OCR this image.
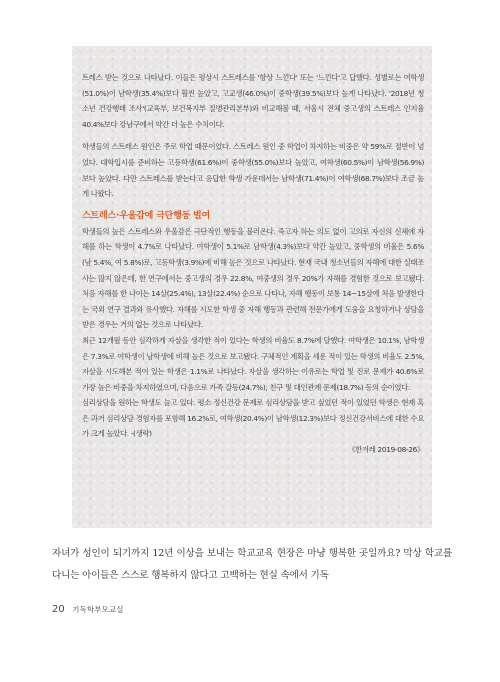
트레스 받는 것으로 나타났다. 이들은 평상시 스트레스를 '항상 느낀다' 또는 '느낀다'고 답했다. 성별로는 여학생(51.0%)이 남학생(35.4%)보다 훨씬 높았고, 고교생(46.0%)이 중학생(39.5%)보다 높게 나타났다. '2018년 청소년 건강행태 조사'(교육부, 보건복지부 질병관리본부)와 비교해볼 때, 서울시 전체 중고생의 스트레스 인지율 40.4%보다 강남구에서 약간 더 높은 수치이다.

학생들의 스트레스 원인은 주로 학업 때문이었다. 스트레스 원인 중 학업이 차지하는 비중은 약 59%로 절반이 넘었다. 대학입시를 준비하는 고등학생(61.6%)이 중학생(55.0%)보다 높았고, 여학생(60.5%)이 남학생(56.9%)보다 높았다. 다만 스트레스를 받는다고 응답한 학생 가운데서는 남학생(71.4%)이 여학생(68.7%)보다 조금 높게 나왔다.

스트레스·우울감에 극단행동 벌여

학생들의 높은 스트레스와 우울감은 극단적인 행동을 불러온다. 죽고자 하는 의도 없이 고의로 자신의 신체에 자해를 하는 학생이 4.7%로 나타났다. 여학생이 5.1%로 남학생(4.3%)보다 약간 높았고, 중학생의 비율은 5.6%(남 5.4%, 여 5.8%)로, 고등학생(3.9%)에 비해 높은 것으로 나타났다. 현재 국내 청소년들의 자해에 대한 실태조사는 많지 않은데, 한 연구에서는 중고생의 경우 22.8%, 여중생의 경우 20%가 자해를 경험한 것으로 보고됐다. 처음 자해를 한 나이는 14살(25.4%), 13살(22.4%) 순으로 나타나, 자해 행동이 보통 14~15살에 처음 발생한다는 국외 연구 결과와 유사했다. 자해를 시도한 학생 중 자해 행동과 관련해 전문가에게 도움을 요청하거나 상담을 받은 경우는 거의 없는 것으로 나타났다.

최근 12개월 동안 심각하게 자살을 생각한 적이 있다는 학생의 비율도 8.7%에 달했다. 여학생은 10.1%, 남학생은 7.3%로 여학생이 남학생에 비해 높은 것으로 보고됐다. 구체적인 계획을 세운 적이 있는 학생의 비율도 2.5%, 자살을 시도해본 적이 있는 학생은 1.1%로 나타났다. 자살을 생각하는 이유로는 학업 및 진로 문제가 40.6%로 가장 높은 비중을 차지하였으며, 다음으로 가족 갈등(24.7%), 친구 및 대인관계 문제(18.7%) 등의 순이었다.

심리상담을 원하는 학생도 늘고 있다. 평소 정신건강 문제로 심리상담을 받고 싶었던 적이 있었던 학생은 현재 혹은 과거 심리상담 경험자를 포함해 16.2%로, 여학생(20.4%)이 남학생(12.3%)보다 정신건강서비스에 대한 수요가 크게 높았다. -(생략)

《한겨레 2019-08-26》

자녀가 성인이 되기까지 12년 이상을 보내는 학교교육 현장은 마냥 행복한 곳일까요? 막상 학교를 다니는 아이들은 스스로 행복하지 않다고 고백하는 현실 속에서 기독

20 기독학부모교실
